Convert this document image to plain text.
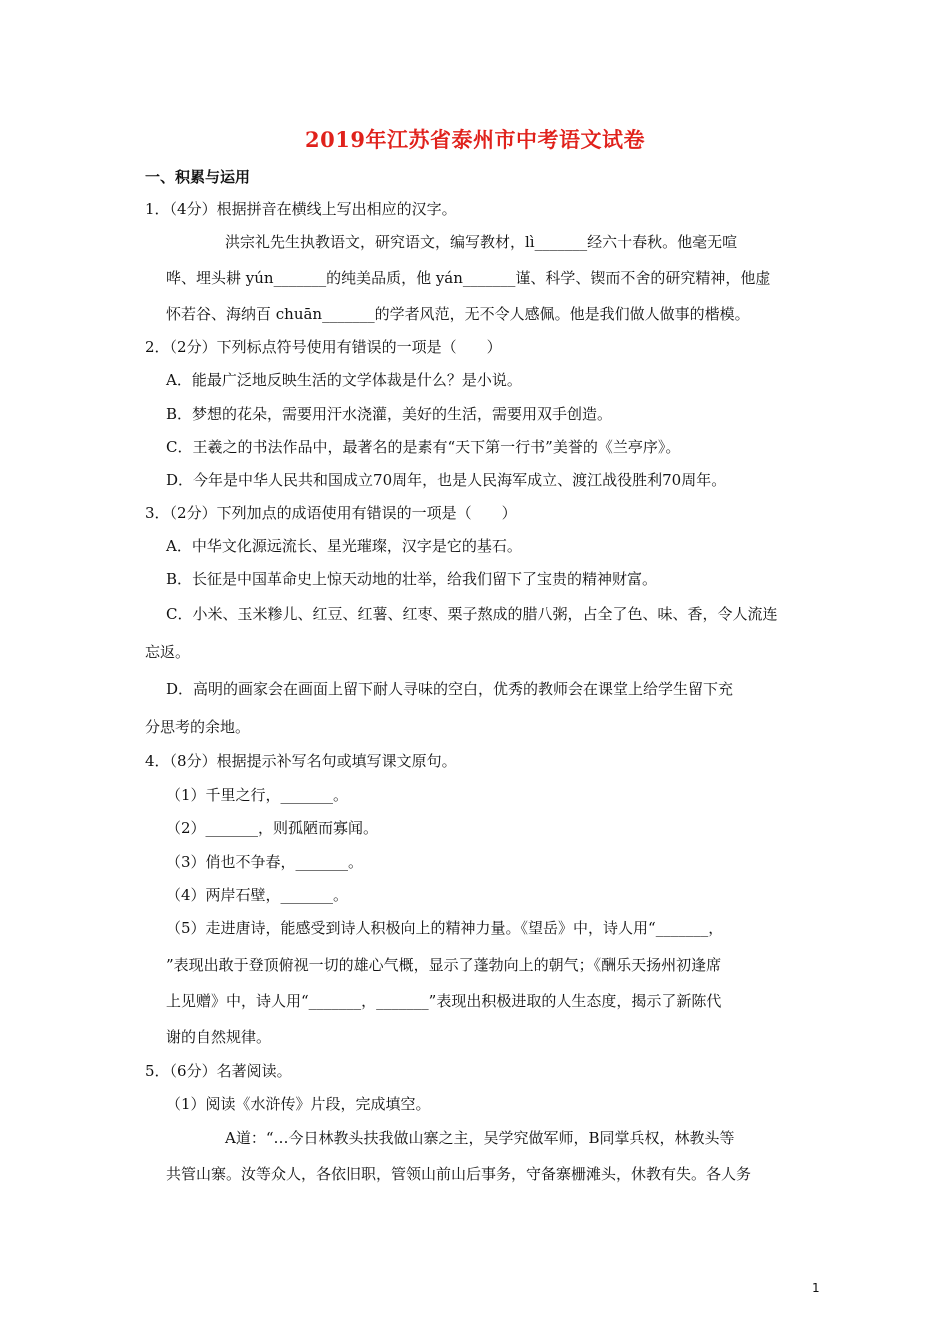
2019年江苏省泰州市中考语文试卷
一、积累与运用
1．（4分）根据拼音在横线上写出相应的汉字。
洪宗礼先生执教语文，研究语文，编写教材，lì_______经六十春秋。他毫无喧
哗、埋头耕 yún_______的纯美品质，他 yán_______谨、科学、锲而不舍的研究精神，他虚
怀若谷、海纳百 chuān_______的学者风范，无不令人感佩。他是我们做人做事的楷模。
2．（2分）下列标点符号使用有错误的一项是（　　）
A．能最广泛地反映生活的文学体裁是什么？是小说。
B．梦想的花朵，需要用汗水浇灌，美好的生活，需要用双手创造。
C．王羲之的书法作品中，最著名的是素有“天下第一行书”美誉的《兰亭序》。
D．今年是中华人民共和国成立70周年，也是人民海军成立、渡江战役胜利70周年。
3．（2分）下列加点的成语使用有错误的一项是（　　）
A．中华文化源远流长、星光璀璨，汉字是它的基石。
B．长征是中国革命史上惊天动地的壮举，给我们留下了宝贵的精神财富。
C．小米、玉米糁儿、红豆、红薯、红枣、栗子熬成的腊八粥，占全了色、味、香，令人流连
忘返。
D．高明的画家会在画面上留下耐人寻味的空白，优秀的教师会在课堂上给学生留下充
分思考的余地。
4．（8分）根据提示补写名句或填写课文原句。
（1）千里之行，_______。
（2）_______，则孤陋而寡闻。
（3）俏也不争春，_______。
（4）两岸石壁，_______。
（5）走进唐诗，能感受到诗人积极向上的精神力量。《望岳》中，诗人用“_______，
”表现出敢于登顶俯视一切的雄心气概，显示了蓬勃向上的朝气；《酬乐天扬州初逢席
上见赠》中，诗人用“_______，_______”表现出积极进取的人生态度，揭示了新陈代
谢的自然规律。
5．（6分）名著阅读。
（1）阅读《水浒传》片段，完成填空。
A道：“…今日林教头扶我做山寨之主，吴学究做军师，B同掌兵权，林教头等
共管山寨。汝等众人，各依旧职，管领山前山后事务，守备寨栅滩头，休教有失。各人务
1
